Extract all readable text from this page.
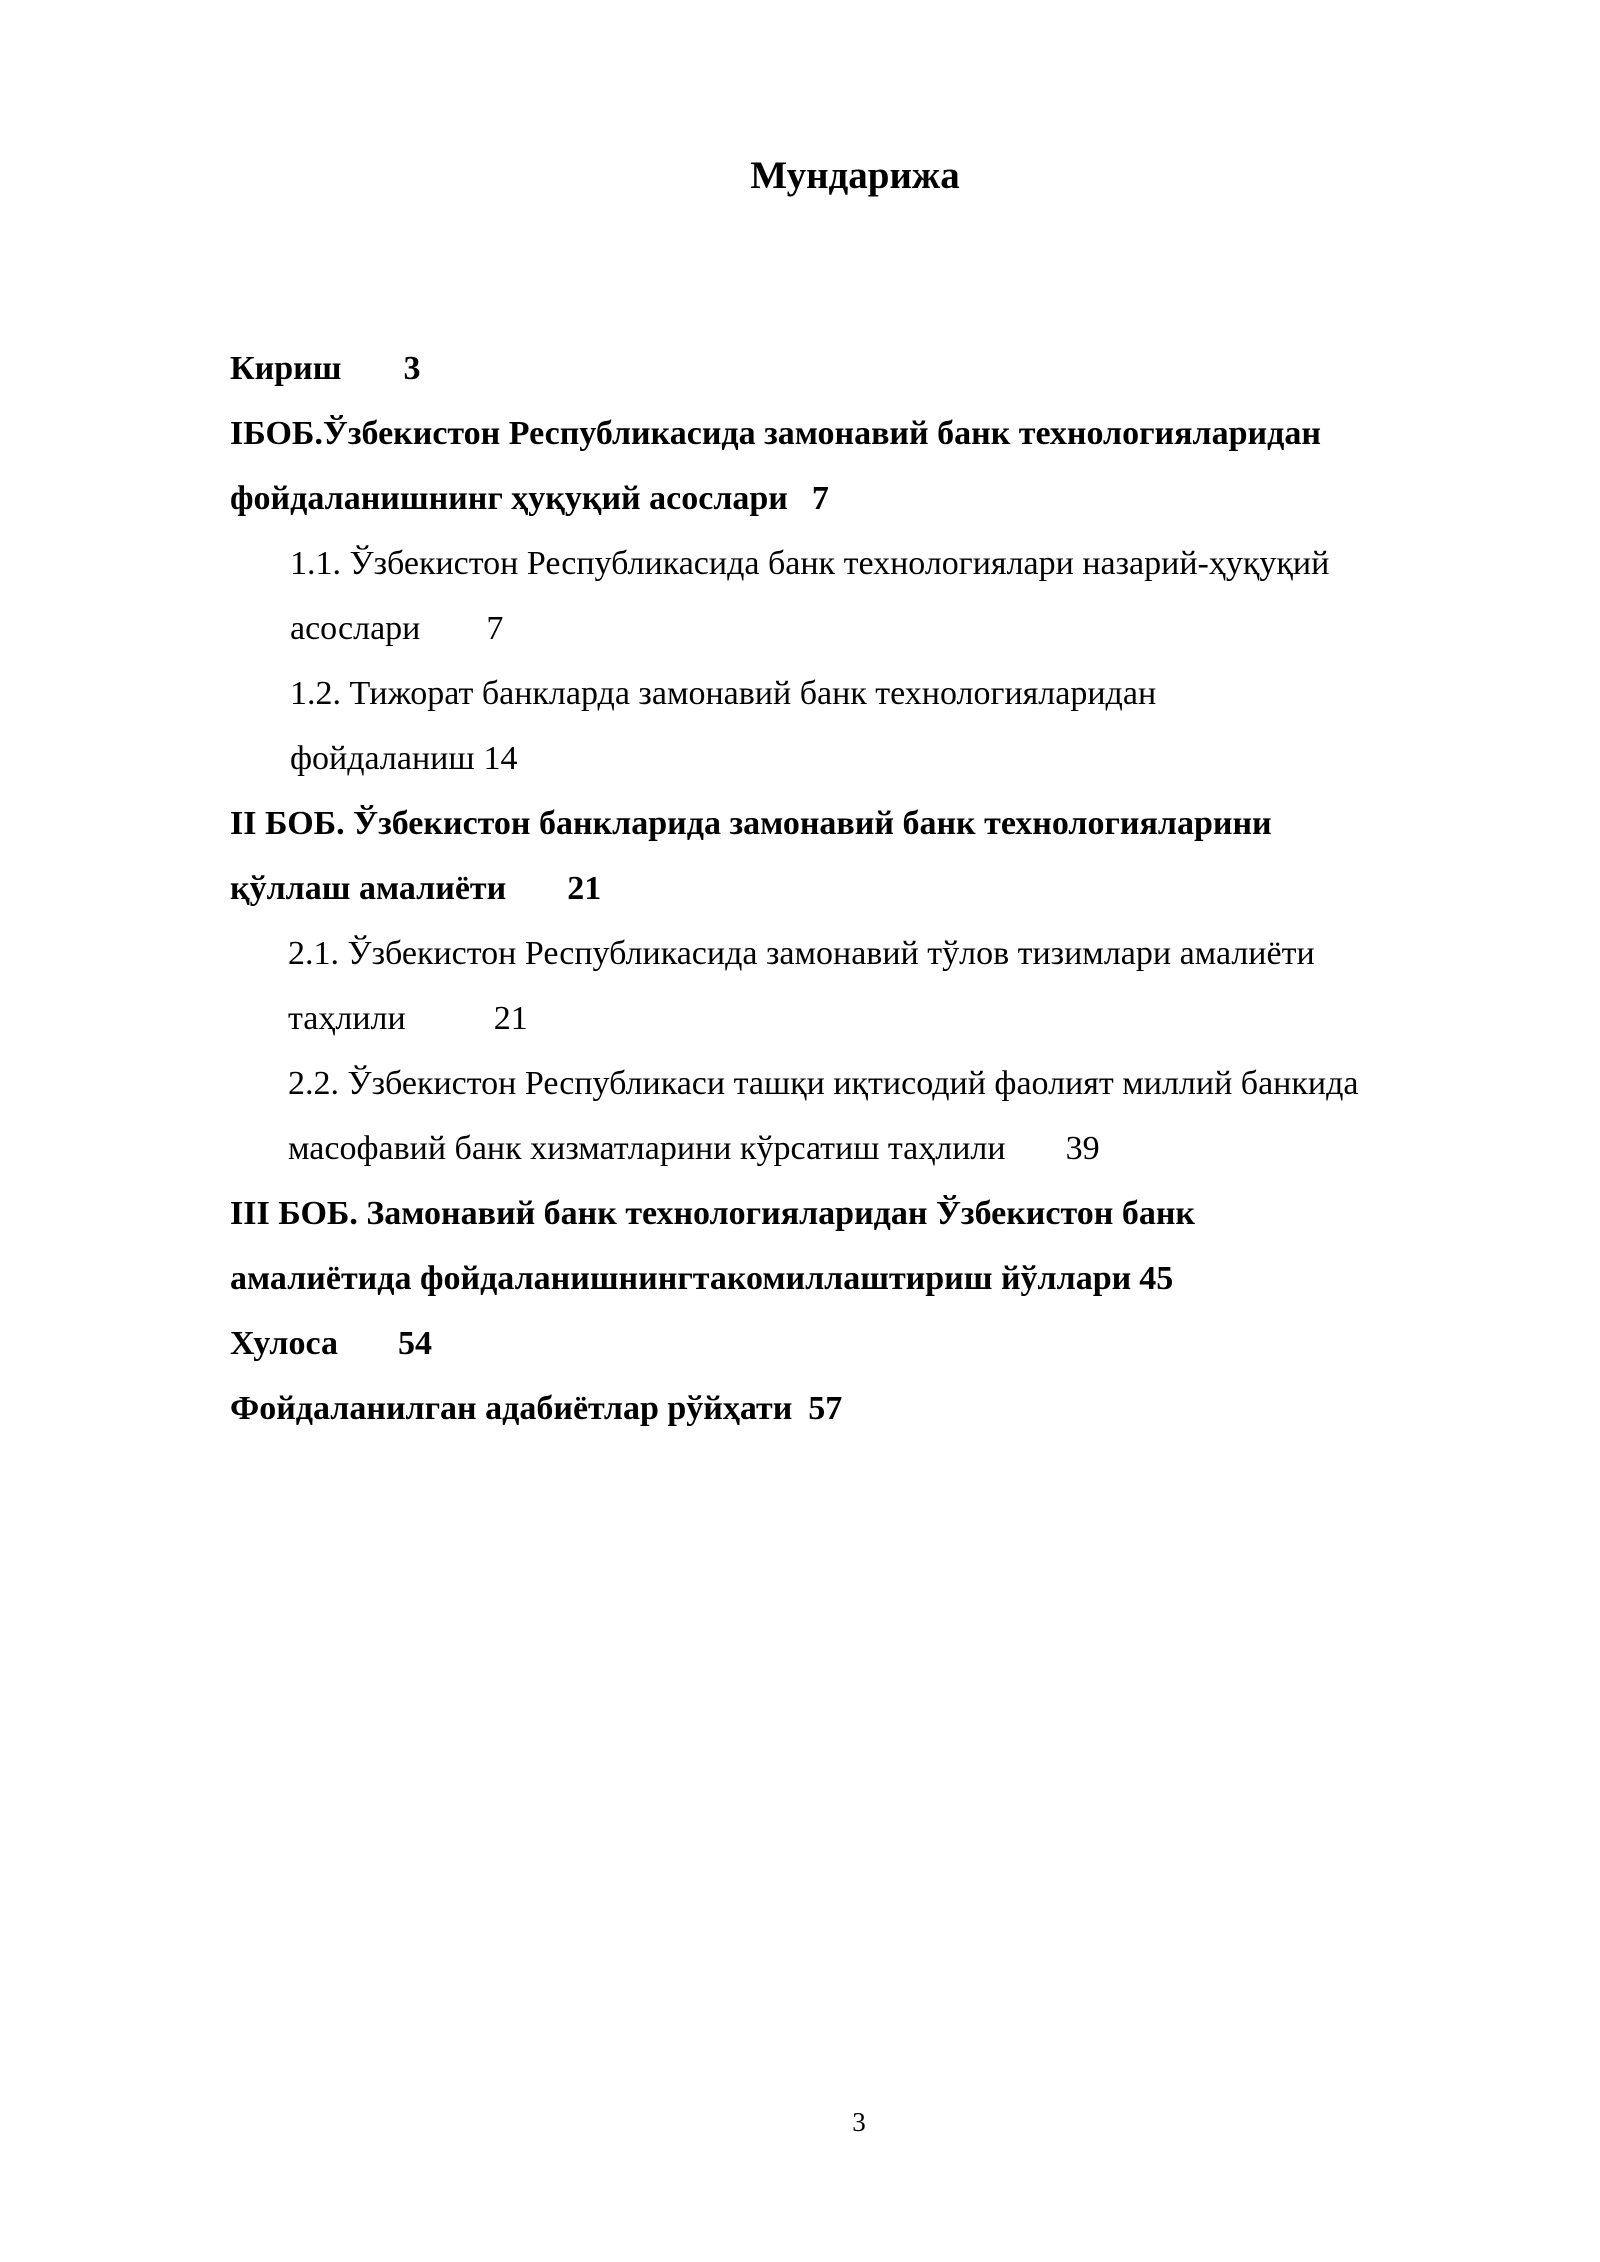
Мундарижа
Кириш 3
IБОБ.Ўзбекистон Республикасида замонавий банк технологияларидан
фойдаланишнинг ҳуқуқий асослари 7
1.1. Ўзбекистон Республикасида банк технологиялари назарий-ҳуқуқий
асослари 7
1.2. Тижорат банкларда замонавий банк технологияларидан
фойдаланиш 14
II БОБ. Ўзбекистон банкларида замонавий банк технологияларини
қўллаш амалиёти 21
2.1. Ўзбекистон Республикасида замонавий тўлов тизимлари амалиёти
таҳлили	21
2.2. Ўзбекистон Республикаси ташқи иқтисодий фаолият миллий банкида
масофавий банк хизматларини кўрсатиш таҳлили 39
III БОБ. Замонавий банк технологияларидан Ўзбекистон банк
амалиётида фойдаланишнингтакомиллаштириш йўллари 45
Хулоса 54
Фойдаланилган адабиётлар рўйҳати 57
3
